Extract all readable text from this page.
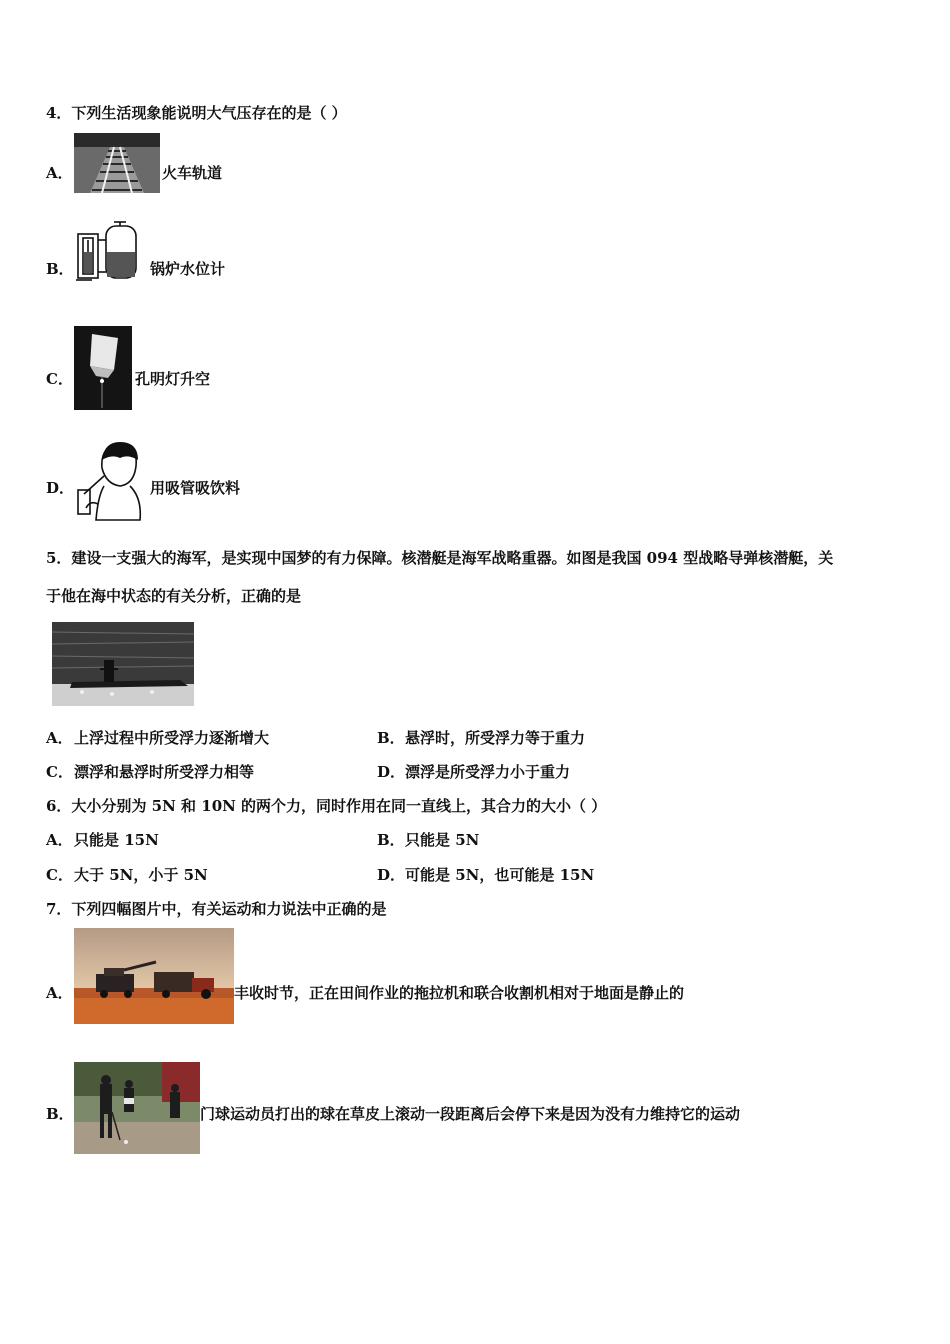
4．下列生活现象能说明大气压存在的是（ ）
A．	火车轨道
B．	锅炉水位计
C．	孔明灯升空
D．	用吸管吸饮料
5．建设一支强大的海军，是实现中国梦的有力保障。核潜艇是海军战略重器。如图是我国 094 型战略导弹核潜艇，关
于他在海中状态的有关分析，正确的是
A． 上浮过程中所受浮力逐渐增大	B． 悬浮时，所受浮力等于重力
C． 漂浮和悬浮时所受浮力相等	D． 漂浮是所受浮力小于重力
6．大小分别为 5N 和 10N 的两个力，同时作用在同一直线上，其合力的大小（ ）
A． 只能是 15N	B． 只能是 5N
C． 大于 5N，小于 5N	D． 可能是 5N，也可能是 15N
7．下列四幅图片中，有关运动和力说法中正确的是
A．	丰收时节，正在田间作业的拖拉机和联合收割机相对于地面是静止的
B．	门球运动员打出的球在草皮上滚动一段距离后会停下来是因为没有力维持它的运动
